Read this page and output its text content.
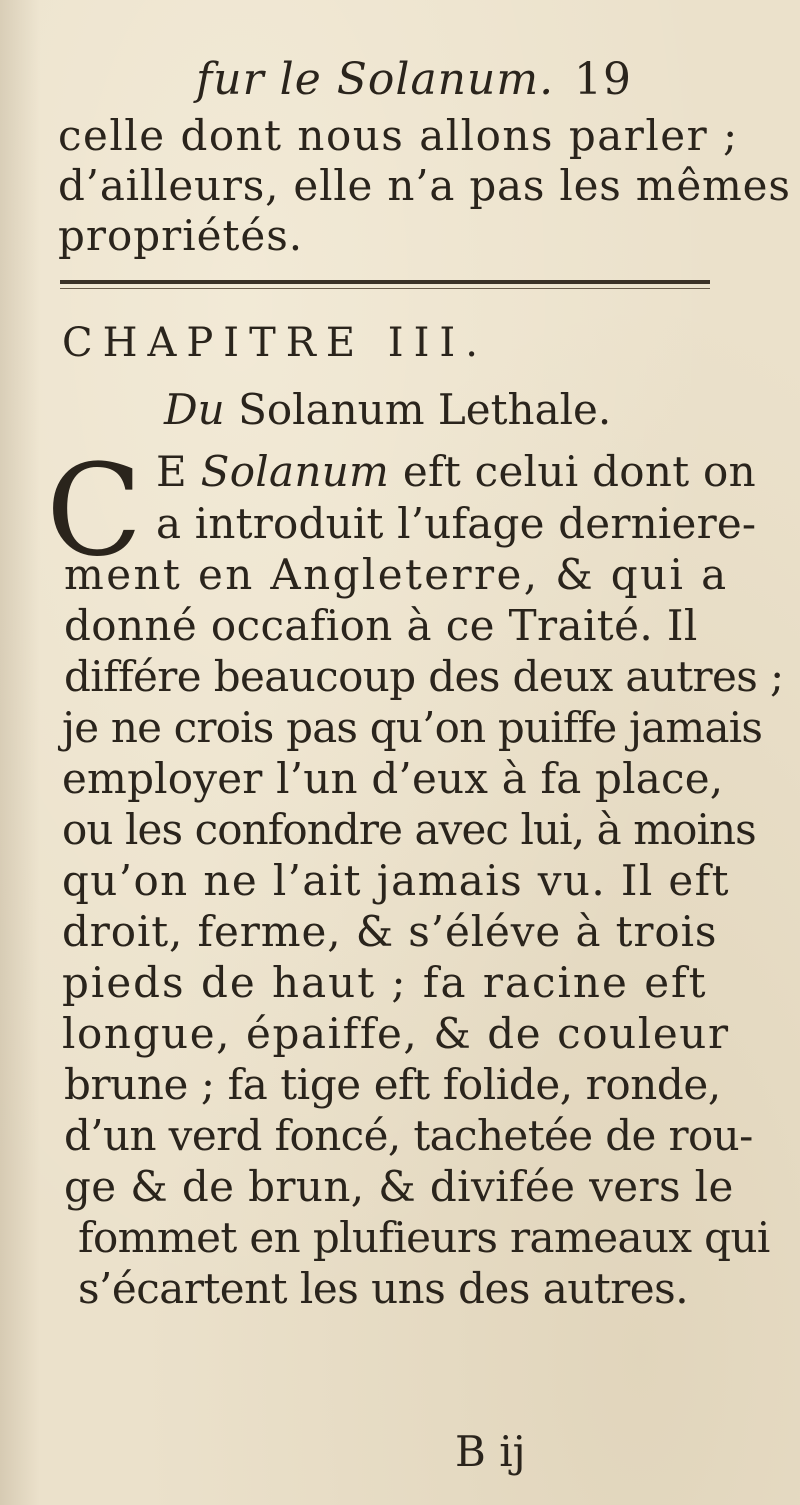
fur le Solanum. 19
celle dont nous allons parler ;
d’ailleurs, elle n’a pas les mêmes
propriétés.
CHAPITRE III.
Du Solanum Lethale.
C E Solanum eft celui dont on
a introduit l’ufage derniere-
ment en Angleterre, & qui a
donné occafion à ce Traité. Il
différe beaucoup des deux autres ;
je ne crois pas qu’on puiffe jamais
employer l’un d’eux à fa place,
ou les confondre avec lui, à moins
qu’on ne l’ait jamais vu. Il eft
droit, ferme, & s’éléve à trois
pieds de haut ; fa racine eft
longue, épaiffe, & de couleur
brune ; fa tige eft folide, ronde,
d’un verd foncé, tachetée de rou-
ge & de brun, & divifée vers le
fommet en plufieurs rameaux qui
s’écartent les uns des autres.
B ij
